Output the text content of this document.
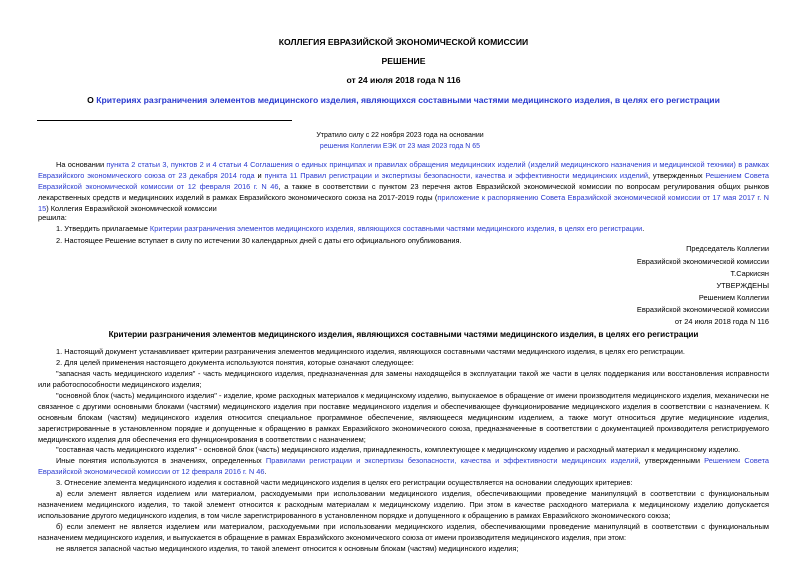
КОЛЛЕГИЯ ЕВРАЗИЙСКОЙ ЭКОНОМИЧЕСКОЙ КОМИССИИ
РЕШЕНИЕ
от 24 июля 2018 года N 116
О Критериях разграничения элементов медицинского изделия, являющихся составными частями медицинского изделия, в целях его регистрации
Утратило силу с 22 ноября 2023 года на основании
решения Коллегии ЕЭК от 23 мая 2023 года N 65
На основании пункта 2 статьи 3, пунктов 2 и 4 статьи 4 Соглашения о единых принципах и правилах обращения медицинских изделий (изделий медицинского назначения и медицинской техники) в рамках Евразийского экономического союза от 23 декабря 2014 года и пункта 11 Правил регистрации и экспертизы безопасности, качества и эффективности медицинских изделий, утвержденных Решением Совета Евразийской экономической комиссии от 12 февраля 2016 г. N 46, а также в соответствии с пунктом 23 перечня актов Евразийской экономической комиссии по вопросам регулирования общих рынков лекарственных средств и медицинских изделий в рамках Евразийского экономического союза на 2017-2019 годы (приложение к распоряжению Совета Евразийской экономической комиссии от 17 мая 2017 г. N 15) Коллегия Евразийской экономической комиссии
решила:
1. Утвердить прилагаемые Критерии разграничения элементов медицинского изделия, являющихся составными частями медицинского изделия, в целях его регистрации.
2. Настоящее Решение вступает в силу по истечении 30 календарных дней с даты его официального опубликования.
Председатель Коллегии
Евразийской экономической комиссии
Т.Саркисян
УТВЕРЖДЕНЫ
Решением Коллегии
Евразийской экономической комиссии
от 24 июля 2018 года N 116
Критерии разграничения элементов медицинского изделия, являющихся составными частями медицинского изделия, в целях его регистрации
1. Настоящий документ устанавливает критерии разграничения элементов медицинского изделия, являющихся составными частями медицинского изделия, в целях его регистрации.
2. Для целей применения настоящего документа используются понятия, которые означают следующее:
"запасная часть медицинского изделия" - часть медицинского изделия, предназначенная для замены находящейся в эксплуатации такой же части в целях поддержания или восстановления исправности или работоспособности медицинского изделия;
"основной блок (часть) медицинского изделия" - изделие, кроме расходных материалов к медицинскому изделию, выпускаемое в обращение от имени производителя медицинского изделия, механически не связанное с другими основными блоками (частями) медицинского изделия при поставке медицинского изделия и обеспечивающее функционирование медицинского изделия в соответствии с назначением. К основным блокам (частям) медицинского изделия относится специальное программное обеспечение, являющееся медицинским изделием, а также могут относиться другие медицинские изделия, зарегистрированные в установленном порядке и допущенные к обращению в рамках Евразийского экономического союза, предназначенные в соответствии с документацией производителя регистрируемого медицинского изделия для обеспечения его функционирования в соответствии с назначением;
"составная часть медицинского изделия" - основной блок (часть) медицинского изделия, принадлежность, комплектующее к медицинскому изделию и расходный материал к медицинскому изделию.
Иные понятия используются в значениях, определенных Правилами регистрации и экспертизы безопасности, качества и эффективности медицинских изделий, утвержденными Решением Совета Евразийской экономической комиссии от 12 февраля 2016 г. N 46.
3. Отнесение элемента медицинского изделия к составной части медицинского изделия в целях его регистрации осуществляется на основании следующих критериев:
а) если элемент является изделием или материалом, расходуемыми при использовании медицинского изделия, обеспечивающими проведение манипуляций в соответствии с функциональным назначением медицинского изделия, то такой элемент относится к расходным материалам к медицинскому изделию. При этом в качестве расходного материала к медицинскому изделию допускается использование другого медицинского изделия, в том числе зарегистрированного в установленном порядке и допущенного к обращению в рамках Евразийского экономического союза;
б) если элемент не является изделием или материалом, расходуемыми при использовании медицинского изделия, обеспечивающими проведение манипуляций в соответствии с функциональным назначением медицинского изделия, и выпускается в обращение в рамках Евразийского экономического союза от имени производителя медицинского изделия, при этом:
не является запасной частью медицинского изделия, то такой элемент относится к основным блокам (частям) медицинского изделия;
